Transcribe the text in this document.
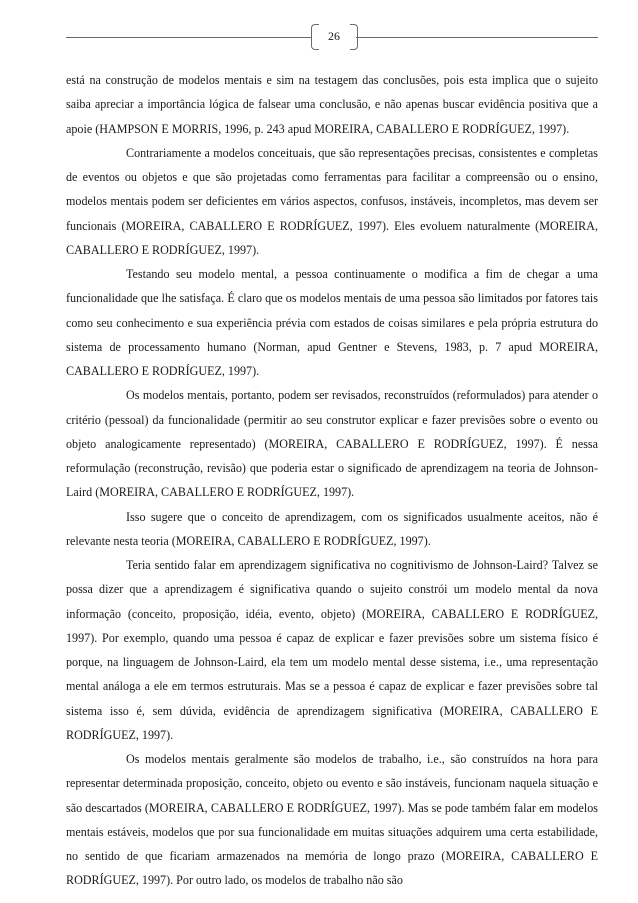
26

está na construção de modelos mentais e sim na testagem das conclusões, pois esta implica que o sujeito saiba apreciar a importância lógica de falsear uma conclusão, e não apenas buscar evidência positiva que a apoie (HAMPSON E MORRIS, 1996, p. 243 apud MOREIRA, CABALLERO E RODRÍGUEZ, 1997).

Contrariamente a modelos conceituais, que são representações precisas, consistentes e completas de eventos ou objetos e que são projetadas como ferramentas para facilitar a compreensão ou o ensino, modelos mentais podem ser deficientes em vários aspectos, confusos, instáveis, incompletos, mas devem ser funcionais (MOREIRA, CABALLERO E RODRÍGUEZ, 1997). Eles evoluem naturalmente (MOREIRA, CABALLERO E RODRÍGUEZ, 1997).

Testando seu modelo mental, a pessoa continuamente o modifica a fim de chegar a uma funcionalidade que lhe satisfaça. É claro que os modelos mentais de uma pessoa são limitados por fatores tais como seu conhecimento e sua experiência prévia com estados de coisas similares e pela própria estrutura do sistema de processamento humano (Norman, apud Gentner e Stevens, 1983, p. 7 apud MOREIRA, CABALLERO E RODRÍGUEZ, 1997).

Os modelos mentais, portanto, podem ser revisados, reconstruídos (reformulados) para atender o critério (pessoal) da funcionalidade (permitir ao seu construtor explicar e fazer previsões sobre o evento ou objeto analogicamente representado) (MOREIRA, CABALLERO E RODRÍGUEZ, 1997). É nessa reformulação (reconstrução, revisão) que poderia estar o significado de aprendizagem na teoria de Johnson-Laird (MOREIRA, CABALLERO E RODRÍGUEZ, 1997).

Isso sugere que o conceito de aprendizagem, com os significados usualmente aceitos, não é relevante nesta teoria (MOREIRA, CABALLERO E RODRÍGUEZ, 1997).

Teria sentido falar em aprendizagem significativa no cognitivismo de Johnson-Laird? Talvez se possa dizer que a aprendizagem é significativa quando o sujeito constrói um modelo mental da nova informação (conceito, proposição, idéia, evento, objeto) (MOREIRA, CABALLERO E RODRÍGUEZ, 1997). Por exemplo, quando uma pessoa é capaz de explicar e fazer previsões sobre um sistema físico é porque, na linguagem de Johnson-Laird, ela tem um modelo mental desse sistema, i.e., uma representação mental análoga a ele em termos estruturais. Mas se a pessoa é capaz de explicar e fazer previsões sobre tal sistema isso é, sem dúvida, evidência de aprendizagem significativa (MOREIRA, CABALLERO E RODRÍGUEZ, 1997).

Os modelos mentais geralmente são modelos de trabalho, i.e., são construídos na hora para representar determinada proposição, conceito, objeto ou evento e são instáveis, funcionam naquela situação e são descartados (MOREIRA, CABALLERO E RODRÍGUEZ, 1997). Mas se pode também falar em modelos mentais estáveis, modelos que por sua funcionalidade em muitas situações adquirem uma certa estabilidade, no sentido de que ficariam armazenados na memória de longo prazo (MOREIRA, CABALLERO E RODRÍGUEZ, 1997). Por outro lado, os modelos de trabalho não são
